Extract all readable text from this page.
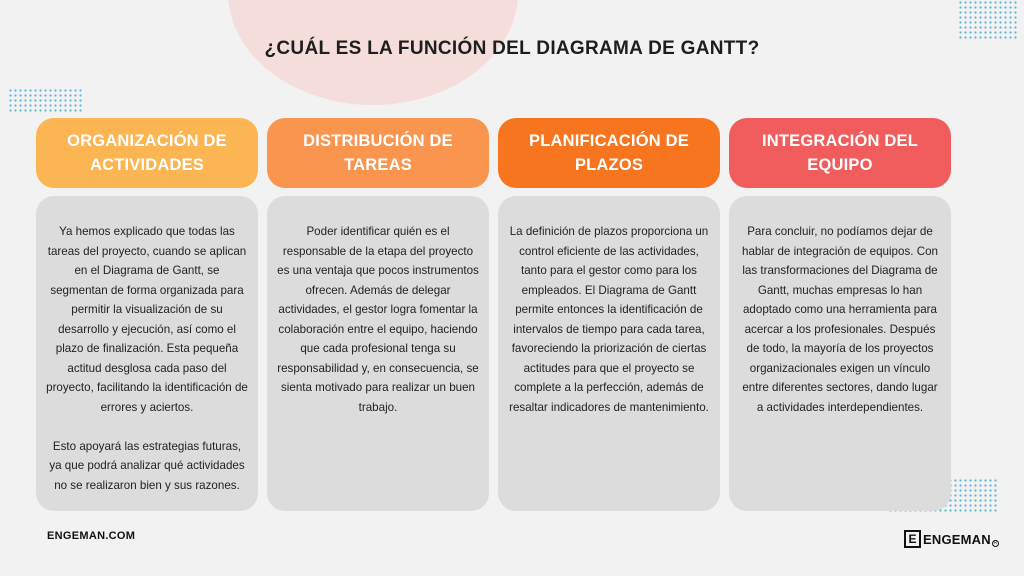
¿CUÁL ES LA FUNCIÓN DEL DIAGRAMA DE GANTT?
ORGANIZACIÓN DE ACTIVIDADES

Ya hemos explicado que todas las tareas del proyecto, cuando se aplican en el Diagrama de Gantt, se segmentan de forma organizada para permitir la visualización de su desarrollo y ejecución, así como el plazo de finalización. Esta pequeña actitud desglosa cada paso del proyecto, facilitando la identificación de errores y aciertos.

Esto apoyará las estrategias futuras, ya que podrá analizar qué actividades no se realizaron bien y sus razones.

DISTRIBUCIÓN DE TAREAS

Poder identificar quién es el responsable de la etapa del proyecto es una ventaja que pocos instrumentos ofrecen. Además de delegar actividades, el gestor logra fomentar la colaboración entre el equipo, haciendo que cada profesional tenga su responsabilidad y, en consecuencia, se sienta motivado para realizar un buen trabajo.

PLANIFICACIÓN DE PLAZOS

La definición de plazos proporciona un control eficiente de las actividades, tanto para el gestor como para los empleados. El Diagrama de Gantt permite entonces la identificación de intervalos de tiempo para cada tarea, favoreciendo la priorización de ciertas actitudes para que el proyecto se complete a la perfección, además de resaltar indicadores de mantenimiento.

INTEGRACIÓN DEL EQUIPO

Para concluir, no podíamos dejar de hablar de integración de equipos. Con las transformaciones del Diagrama de Gantt, muchas empresas lo han adoptado como una herramienta para acercar a los profesionales. Después de todo, la mayoría de los proyectos organizacionales exigen un vínculo entre diferentes sectores, dando lugar a actividades interdependientes.

ENGEMAN.COM	E ENGEMAN R
